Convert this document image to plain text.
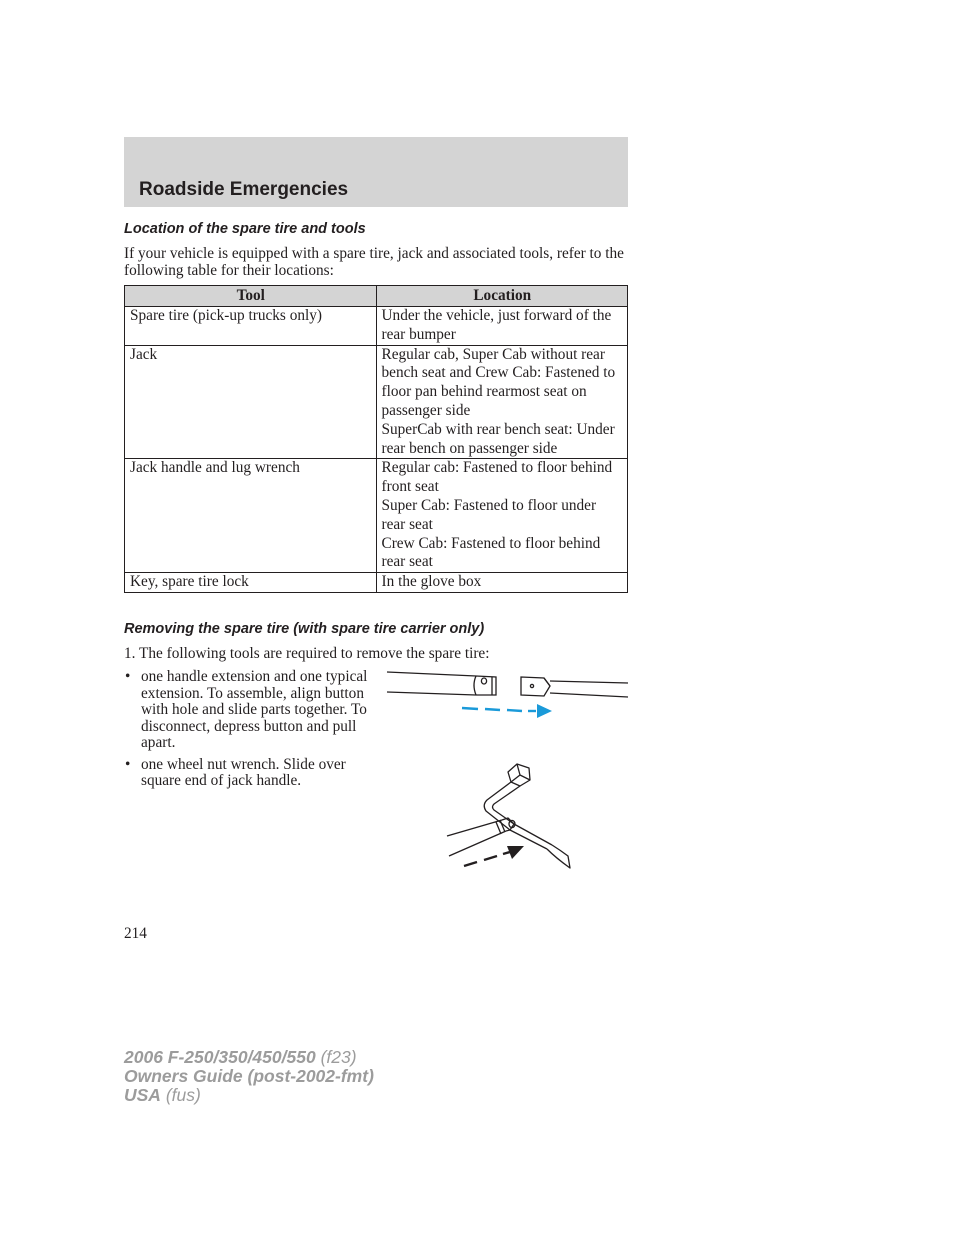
Roadside Emergencies
Location of the spare tire and tools

If your vehicle is equipped with a spare tire, jack and associated tools, refer to the following table for their locations:

Tool	Location
Spare tire (pick-up trucks only)	Under the vehicle, just forward of the rear bumper

Jack	Regular cab, Super Cab without rear bench seat and Crew Cab: Fastened to floor pan behind rearmost seat on passenger side
SuperCab with rear bench seat: Under rear bench on passenger side

Jack handle and lug wrench	Regular cab: Fastened to floor behind front seat
Super Cab: Fastened to floor under rear seat
Crew Cab: Fastened to floor behind rear seat

Key, spare tire lock	In the glove box
Removing the spare tire (with spare tire carrier only)

1. The following tools are required to remove the spare tire:

• one handle extension and one typical extension. To assemble, align button with hole and slide parts together. To disconnect, depress button and pull apart.
• one wheel nut wrench. Slide over square end of jack handle.

214

2006 F-250/350/450/550 (f23)
Owners Guide (post-2002-fmt)
USA (fus)
